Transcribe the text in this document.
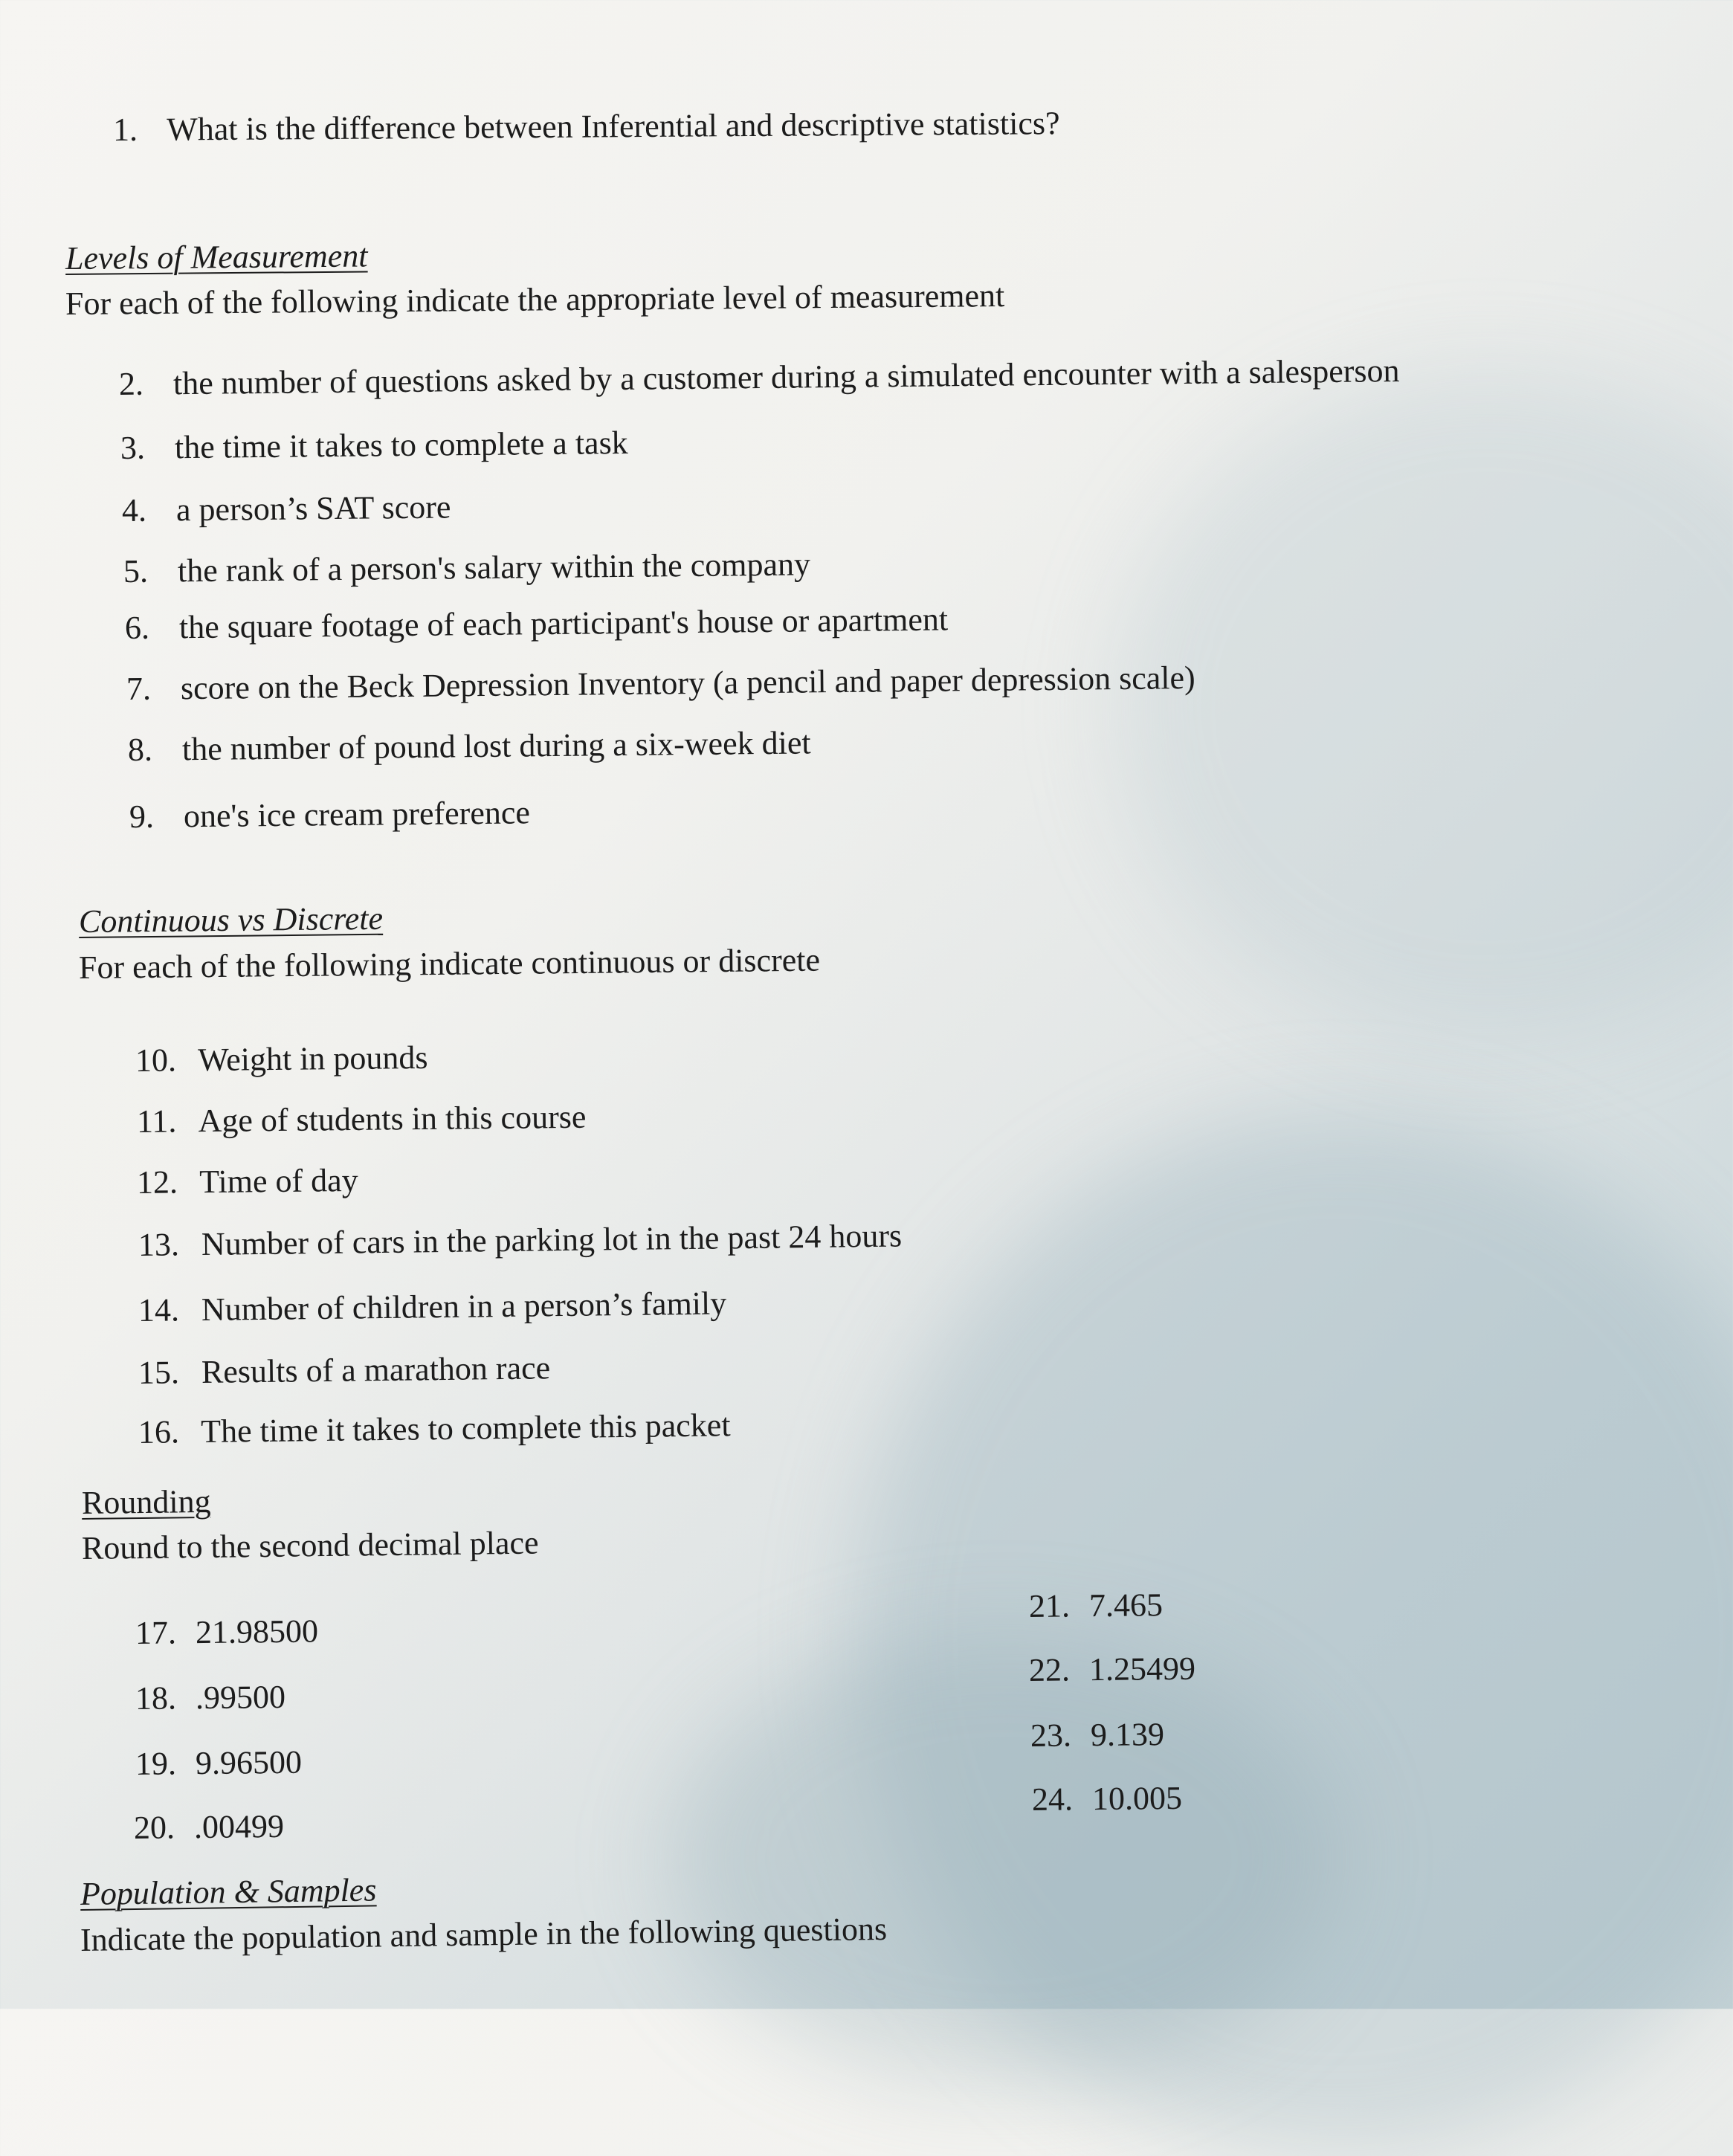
1. What is the difference between Inferential and descriptive statistics?
Levels of Measurement
For each of the following indicate the appropriate level of measurement
2. the number of questions asked by a customer during a simulated encounter with a salesperson
3. the time it takes to complete a task
4. a person’s SAT score
5. the rank of a person's salary within the company
6. the square footage of each participant's house or apartment
7. score on the Beck Depression Inventory (a pencil and paper depression scale)
8. the number of pound lost during a six-week diet
9. one's ice cream preference
Continuous vs Discrete
For each of the following indicate continuous or discrete
10. Weight in pounds
11. Age of students in this course
12. Time of day
13. Number of cars in the parking lot in the past 24 hours
14. Number of children in a person’s family
15. Results of a marathon race
16. The time it takes to complete this packet
Rounding
Round to the second decimal place
17. 21.98500
18. .99500
19. 9.96500
20. .00499
21. 7.465
22. 1.25499
23. 9.139
24. 10.005
Population & Samples
Indicate the population and sample in the following questions
